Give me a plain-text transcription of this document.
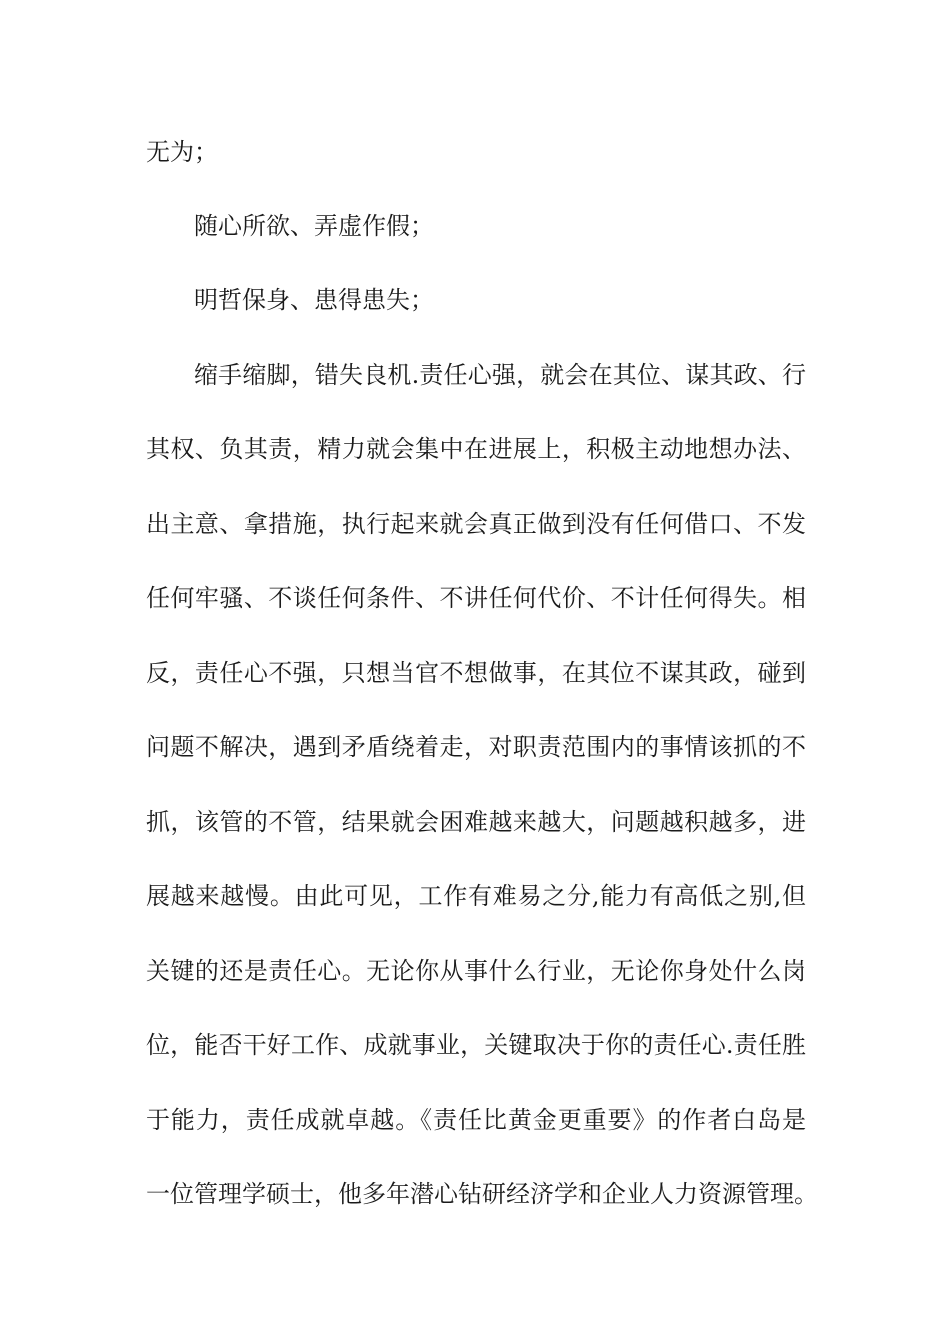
无为；
随心所欲、弄虚作假；
明哲保身、患得患失；
缩手缩脚，错失良机.责任心强，就会在其位、谋其政、行
其权、负其责，精力就会集中在进展上，积极主动地想办法、
出主意、拿措施，执行起来就会真正做到没有任何借口、不发
任何牢骚、不谈任何条件、不讲任何代价、不计任何得失。相
反，责任心不强，只想当官不想做事，在其位不谋其政，碰到
问题不解决，遇到矛盾绕着走，对职责范围内的事情该抓的不
抓，该管的不管，结果就会困难越来越大，问题越积越多，进
展越来越慢。由此可见，工作有难易之分,能力有高低之别,但
关键的还是责任心。无论你从事什么行业，无论你身处什么岗
位，能否干好工作、成就事业，关键取决于你的责任心.责任胜
于能力，责任成就卓越。《责任比黄金更重要》的作者白岛是
一位管理学硕士，他多年潜心钻研经济学和企业人力资源管理。
